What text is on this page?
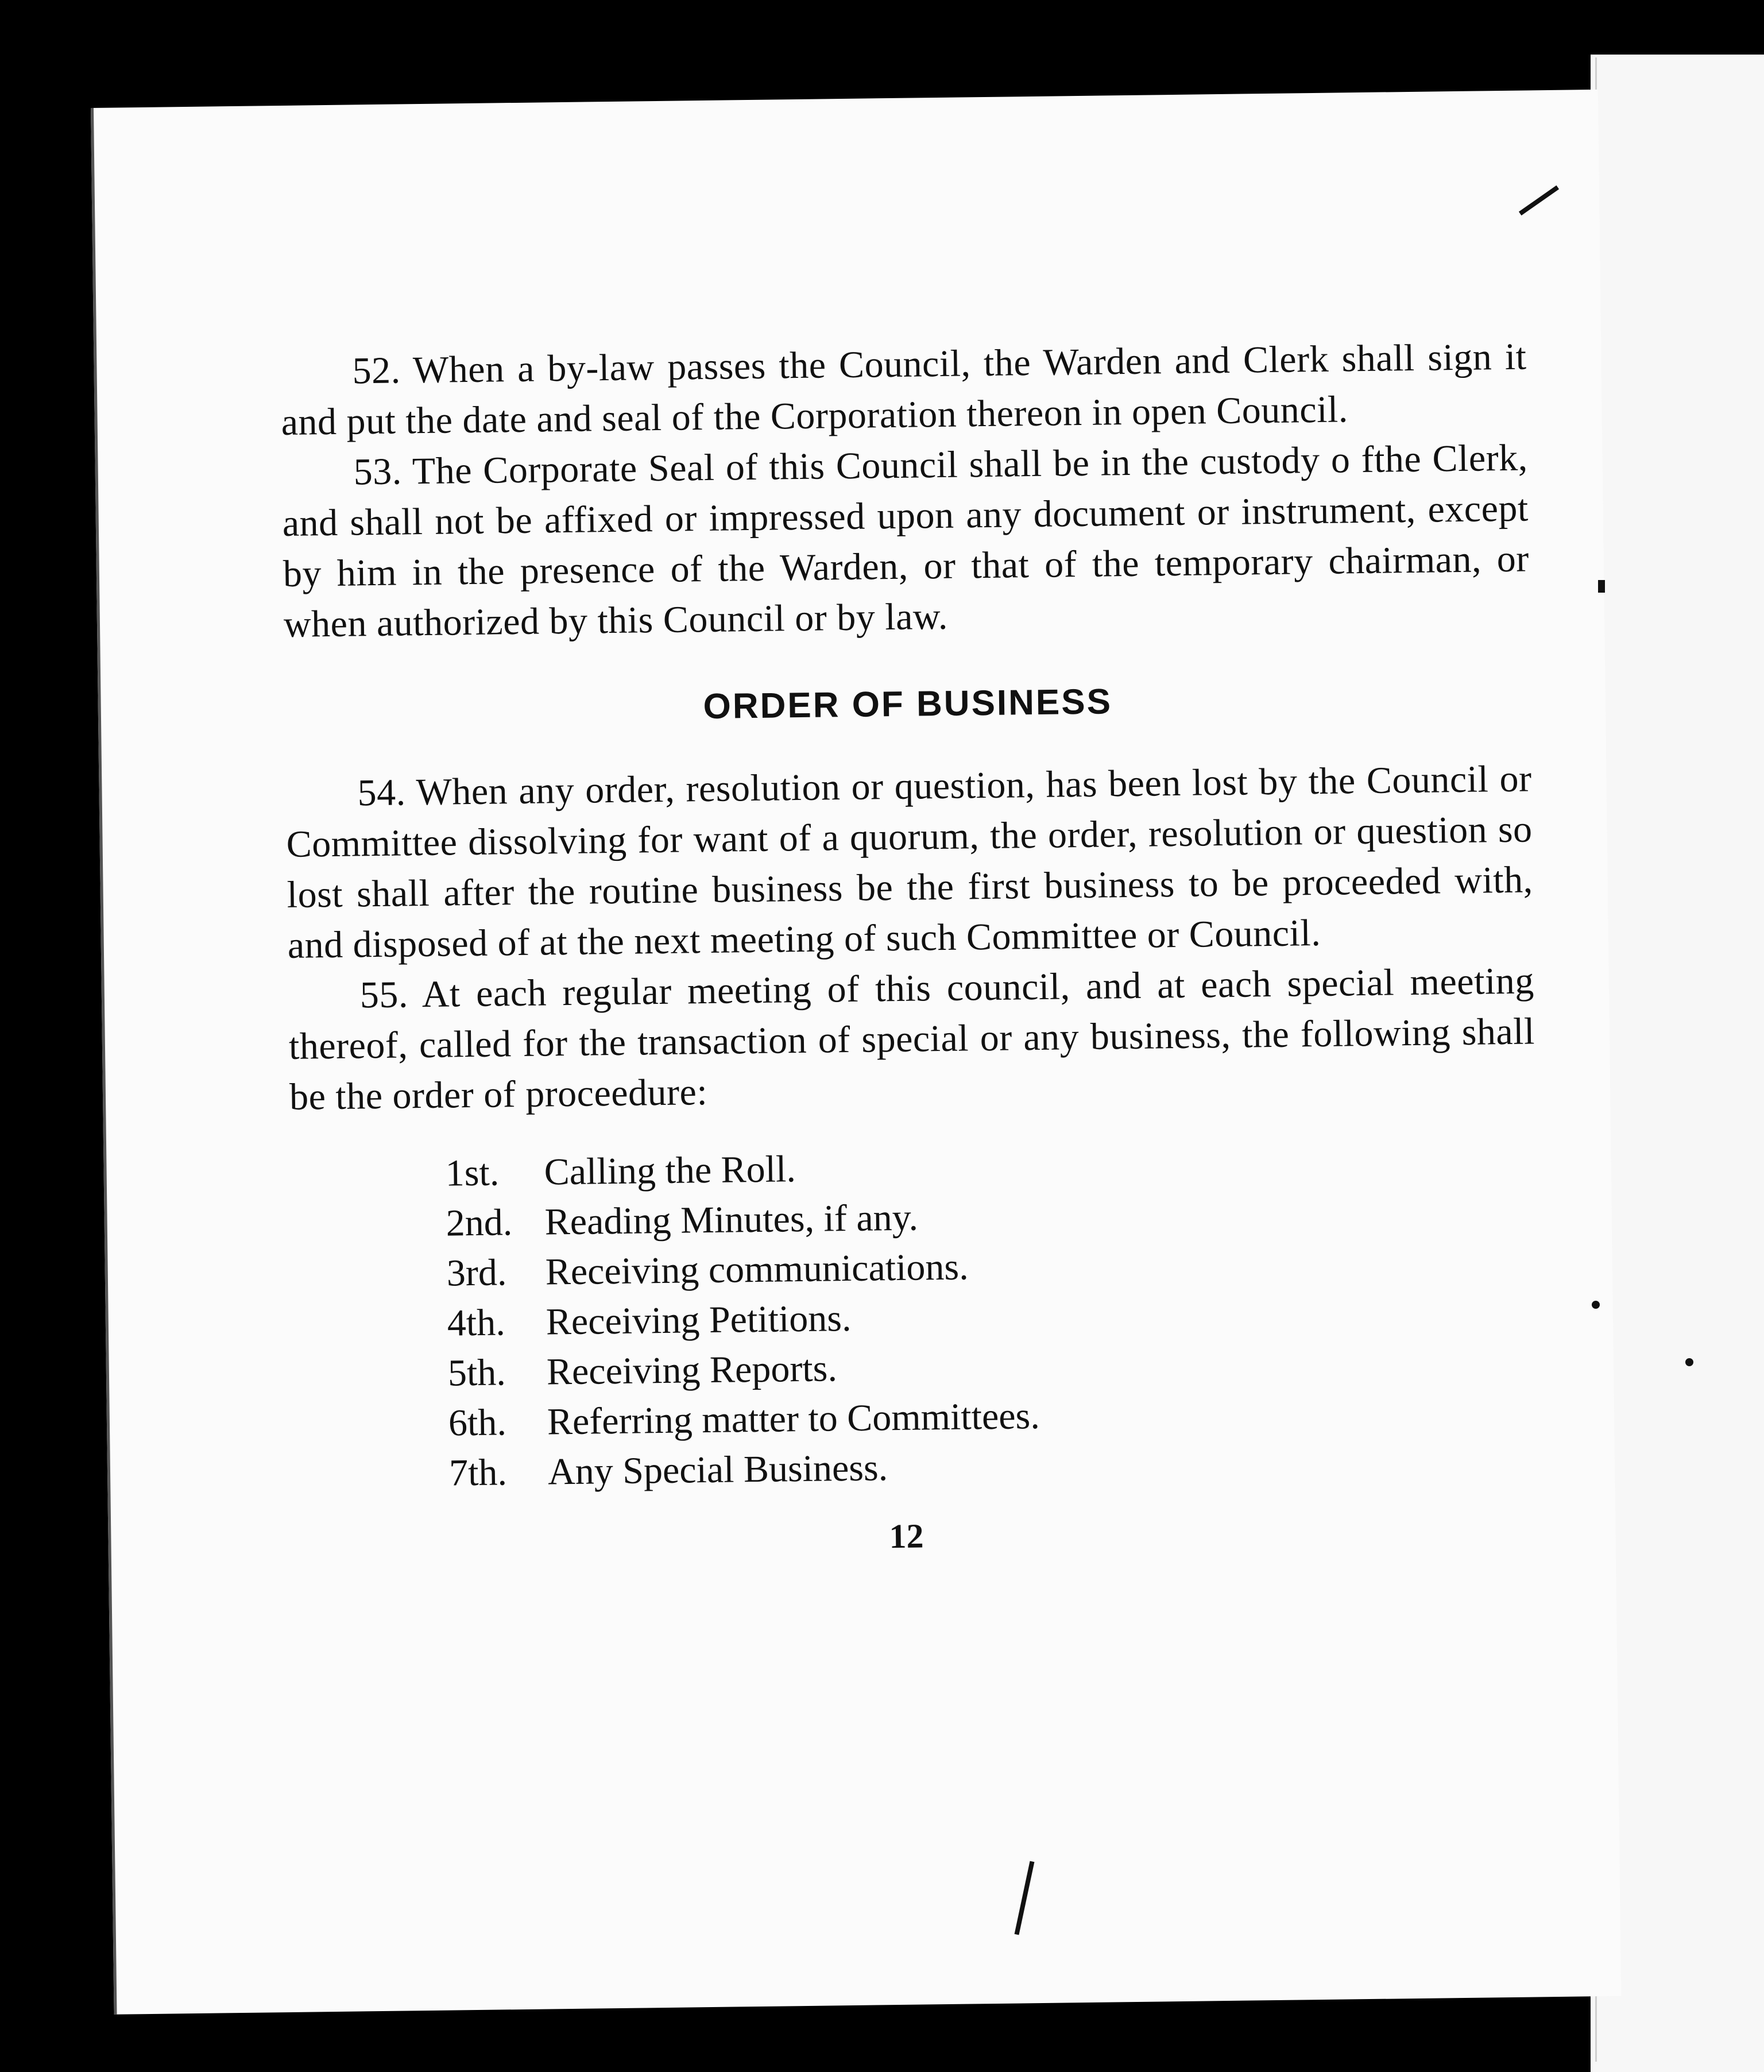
52. When a by-law passes the Council, the Warden and Clerk shall sign it and put the date and seal of the Corporation thereon in open Council.

53. The Corporate Seal of this Council shall be in the custody o fthe Clerk, and shall not be affixed or impressed upon any document or instrument, except by him in the presence of the Warden, or that of the temporary chairman, or when authorized by this Council or by law.

ORDER OF BUSINESS

54. When any order, resolution or question, has been lost by the Council or Committee dissolving for want of a quorum, the order, resolution or question so lost shall after the routine business be the first business to be proceeded with, and disposed of at the next meeting of such Committee or Council.

55. At each regular meeting of this council, and at each special meeting thereof, called for the transaction of special or any business, the following shall be the order of proceedure:

1st.	Calling the Roll.
2nd. Reading Minutes, if any.
3rd.	Receiving communications.
4th.	Receiving Petitions.
5th.	Receiving Reports.
6th.	Referring matter to Committees.
7th.	Any Special Business.
12
